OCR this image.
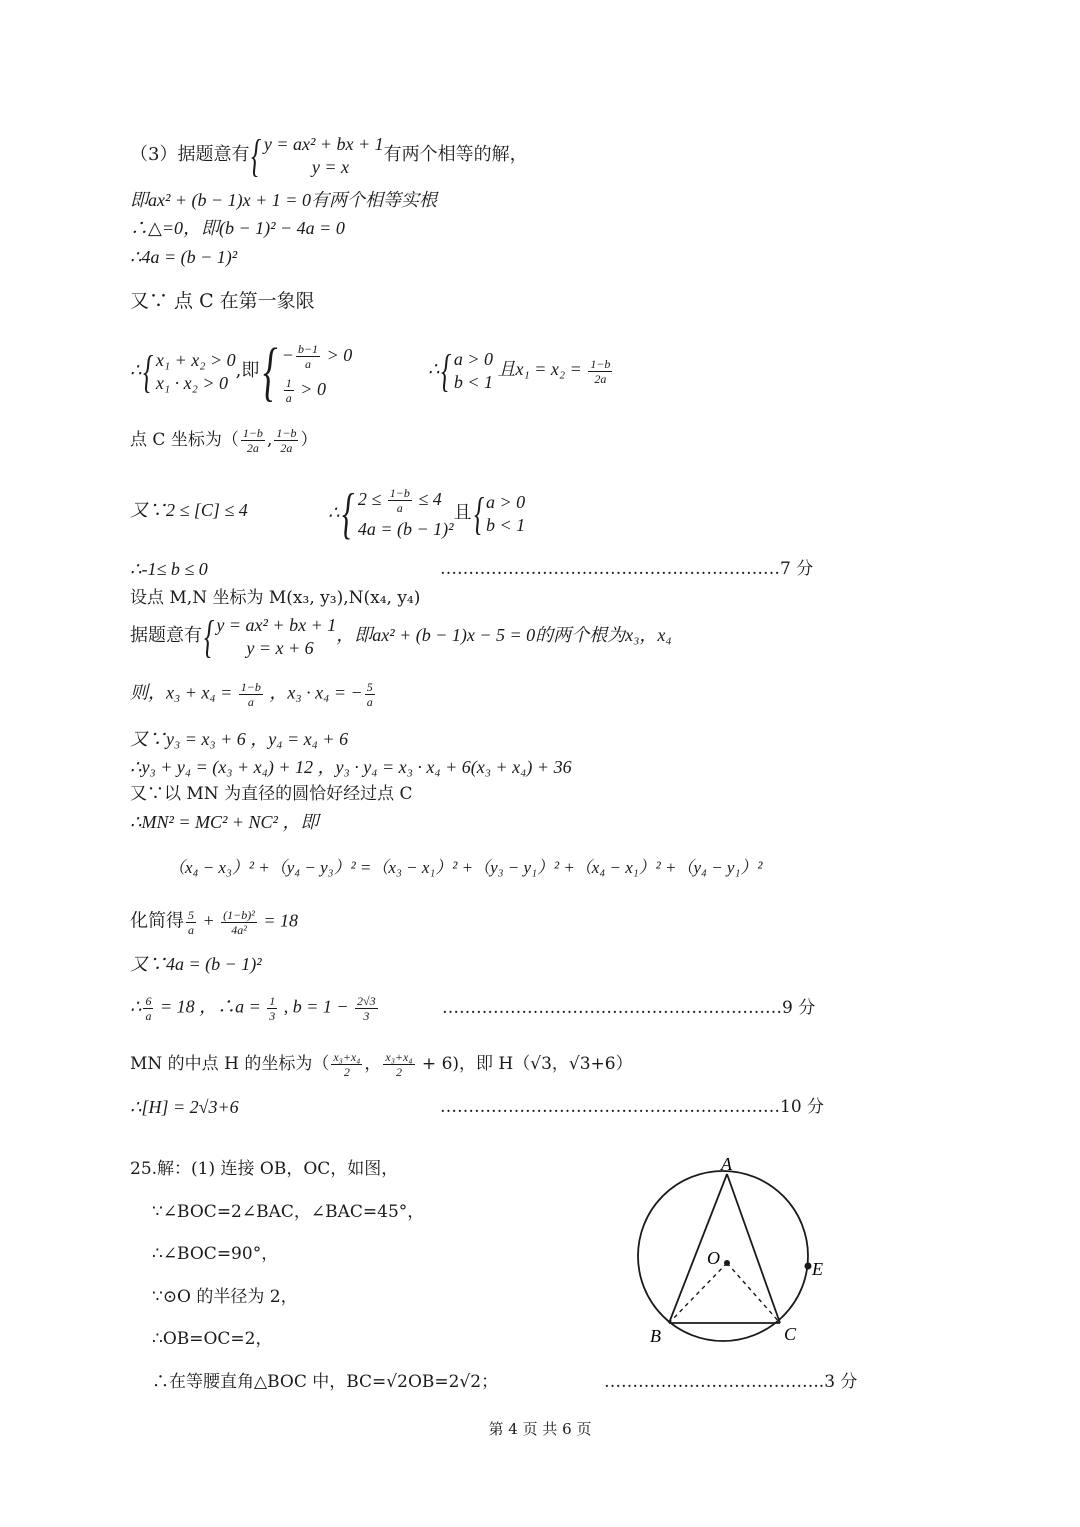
（3）据题意有{ y = ax² + bx + 1
y = x
有两个相等的解，
即ax² + (b − 1)x + 1 = 0有两个相等实根
∴△=0，即(b − 1)² − 4a = 0
∴4a = (b − 1)²
又∵ 点 C 在第一象限
∴{ x₁ + x₂ > 0
x₁ · x₂ > 0
,即{ − $\frac{b-1}{a} > 0$
$\frac{1}{a} > 0$
∴{ a > 0
b < 1
且$x_1 = x_2 = \frac{1-b}{2a}$
点 C 坐标为（ $\frac{1-b}{2a}$ , $\frac{1-b}{2a}$ ）
又∵2 ≤ [C] ≤ 4	∴{ $2 \le \frac{1-b}{a} \le 4$
4a = (b − 1)²
且{ a > 0
b < 1
∴-1≤ b ≤ 0	……………………………………………………7 分
设点 M,N 坐标为 M(x₃, y₃),N(x₄, y₄)
据题意有{ y = ax² + bx + 1
y = x + 6
，即ax² + (b − 1)x − 5 = 0的两个根为x₃，x₄
则，$x_3 + x_4 = \frac{1-b}{a}$ ，x₃ · x₄ = − $\frac{5}{a}$
又∵y₃ = x₃ + 6 ，y₄ = x₄ + 6
∴y₃ + y₄ = (x₃ + x₄) + 12 ，y₃ · y₄ = x₃ · x₄ + 6(x₃ + x₄) + 36
又∵以 MN 为直径的圆恰好经过点 C
∴MN² = MC² + NC² ，即
（x₄ − x₃）² +（y₄ − y₃）² =（x₃ − x₁）² +（y₃ − y₁）² +（x₄ − x₁）² +（y₄ − y₁）²
化简得 $\frac{5}{a} + \frac{\text{(1−b)²}}{\text{4a²}} = 18$
又∵4a = (b − 1)²
∴ $\frac{6}{a} = 18$ ，∴a = $\frac{1}{3}$ , $b = 1 - \frac{2√3}{3}$	……………………………………………………9 分
MN 的中点 H 的坐标为（ $\frac{\text{x₃+x₄}}{2}$ ， $\frac{\text{x₃+x₄}}{2} + 6$)，即 H（√3，√3+6）
∴[H] = 2√3+6	……………………………………………………10 分
25.解：(1) 连接 OB，OC，如图，
∵∠BOC=2∠BAC，∠BAC=45°，
∴∠BOC=90°，
∵⊙O 的半径为 2，
∴OB=OC=2，
∴在等腰直角△BOC 中，BC=√2OB=2√2；	…………….…………………..3 分
A
O
E
B	C
第 4 页 共 6 页
